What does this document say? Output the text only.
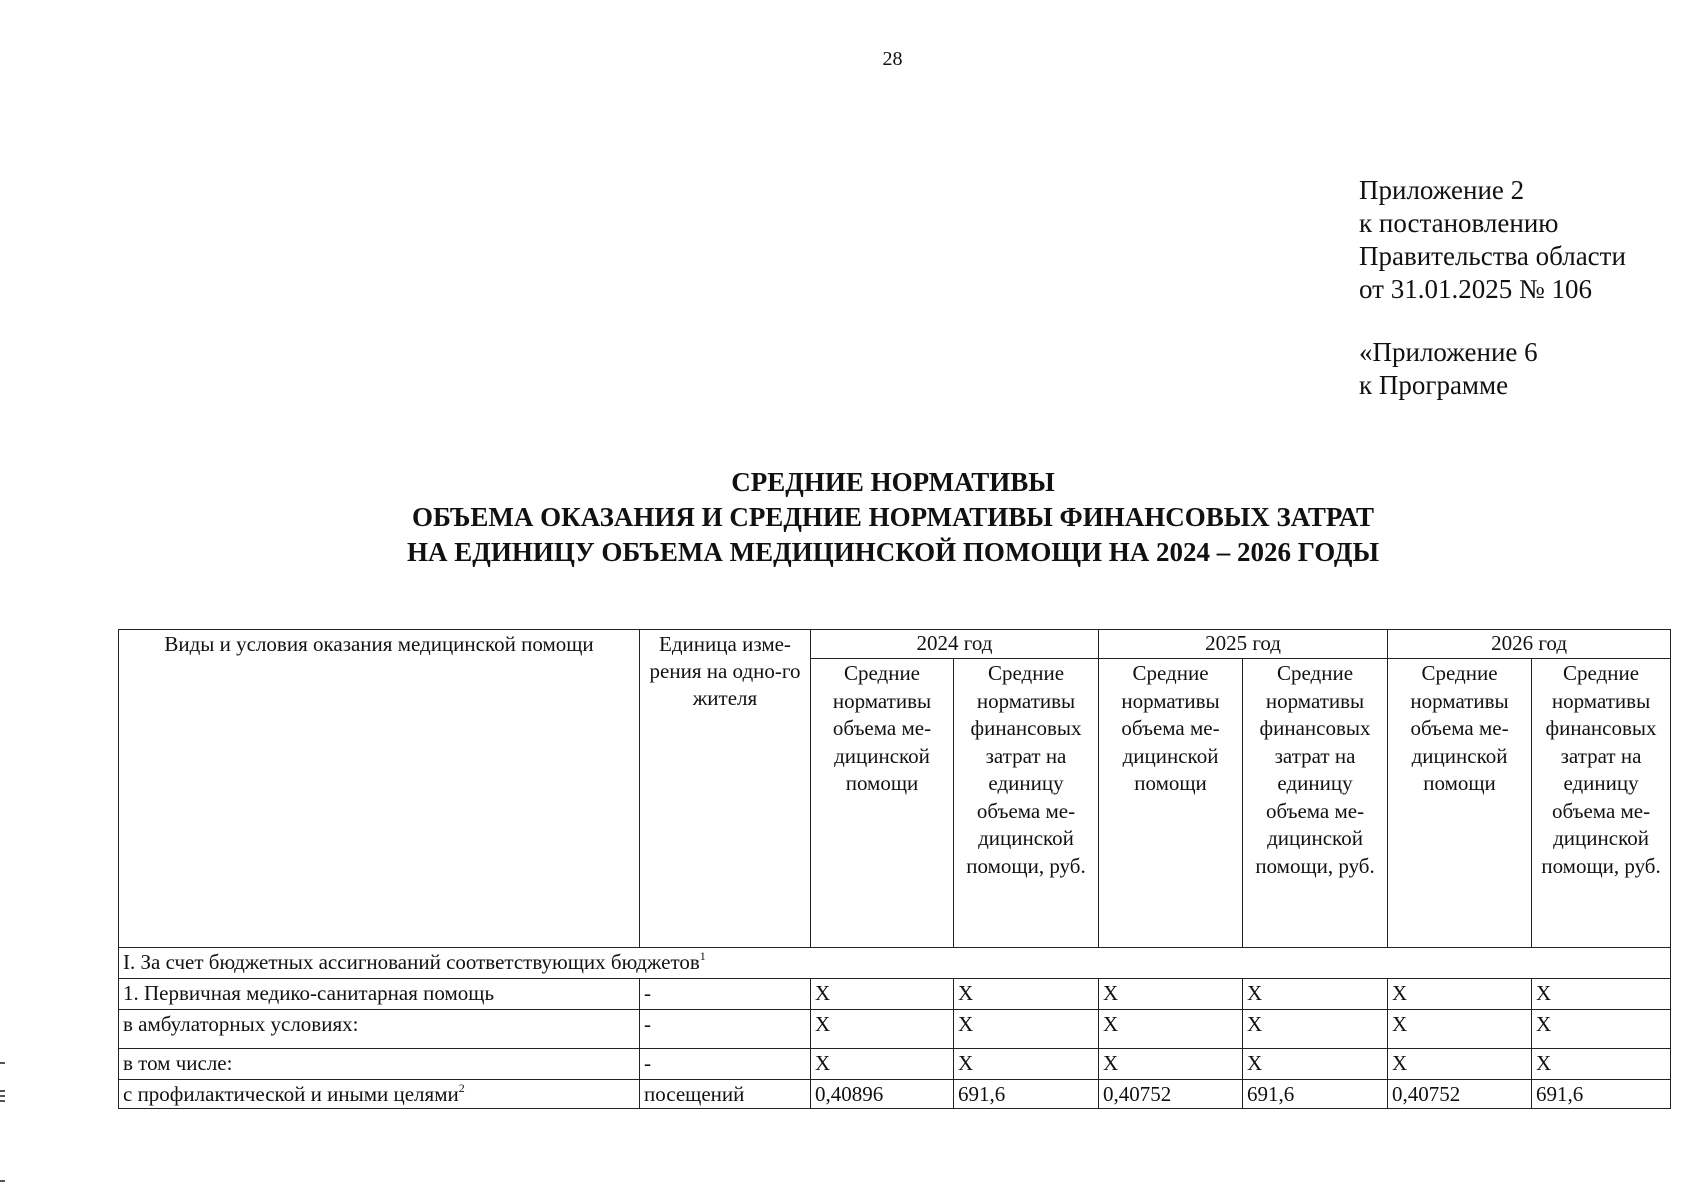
28
Приложение 2
к постановлению
Правительства области
от 31.01.2025 № 106
«Приложение 6
к Программе
СРЕДНИЕ НОРМАТИВЫ
ОБЪЕМА ОКАЗАНИЯ И СРЕДНИЕ НОРМАТИВЫ ФИНАНСОВЫХ ЗАТРАТ
НА ЕДИНИЦУ ОБЪЕМА МЕДИЦИНСКОЙ ПОМОЩИ НА 2024 – 2026 ГОДЫ
Виды и условия оказания медицинской помощи	Единица изме-рения на одно-го жителя	2024 год		2025 год		2026 год	
		Средние нормативы объема ме-дицинской помощи	Средние нормативы финансовых затрат на единицу объема ме-дицинской помощи, руб.	Средние нормативы объема ме-дицинской помощи	Средние нормативы финансовых затрат на единицу объема ме-дицинской помощи, руб.	Средние нормативы объема ме-дицинской помощи	Средние нормативы финансовых затрат на единицу объема ме-дицинской помощи, руб.
I. За счет бюджетных ассигнований соответствующих бюджетов$^1$
1. Первичная медико-санитарная помощь	-	X	X	X	X	X	X
в амбулаторных условиях:	-	X	X	X	X	X	X
в том числе:	-	X	X	X	X	X	X
с профилактической и иными целями$^2$	посещений	0,40896	691,6	0,40752	691,6	0,40752	691,6
